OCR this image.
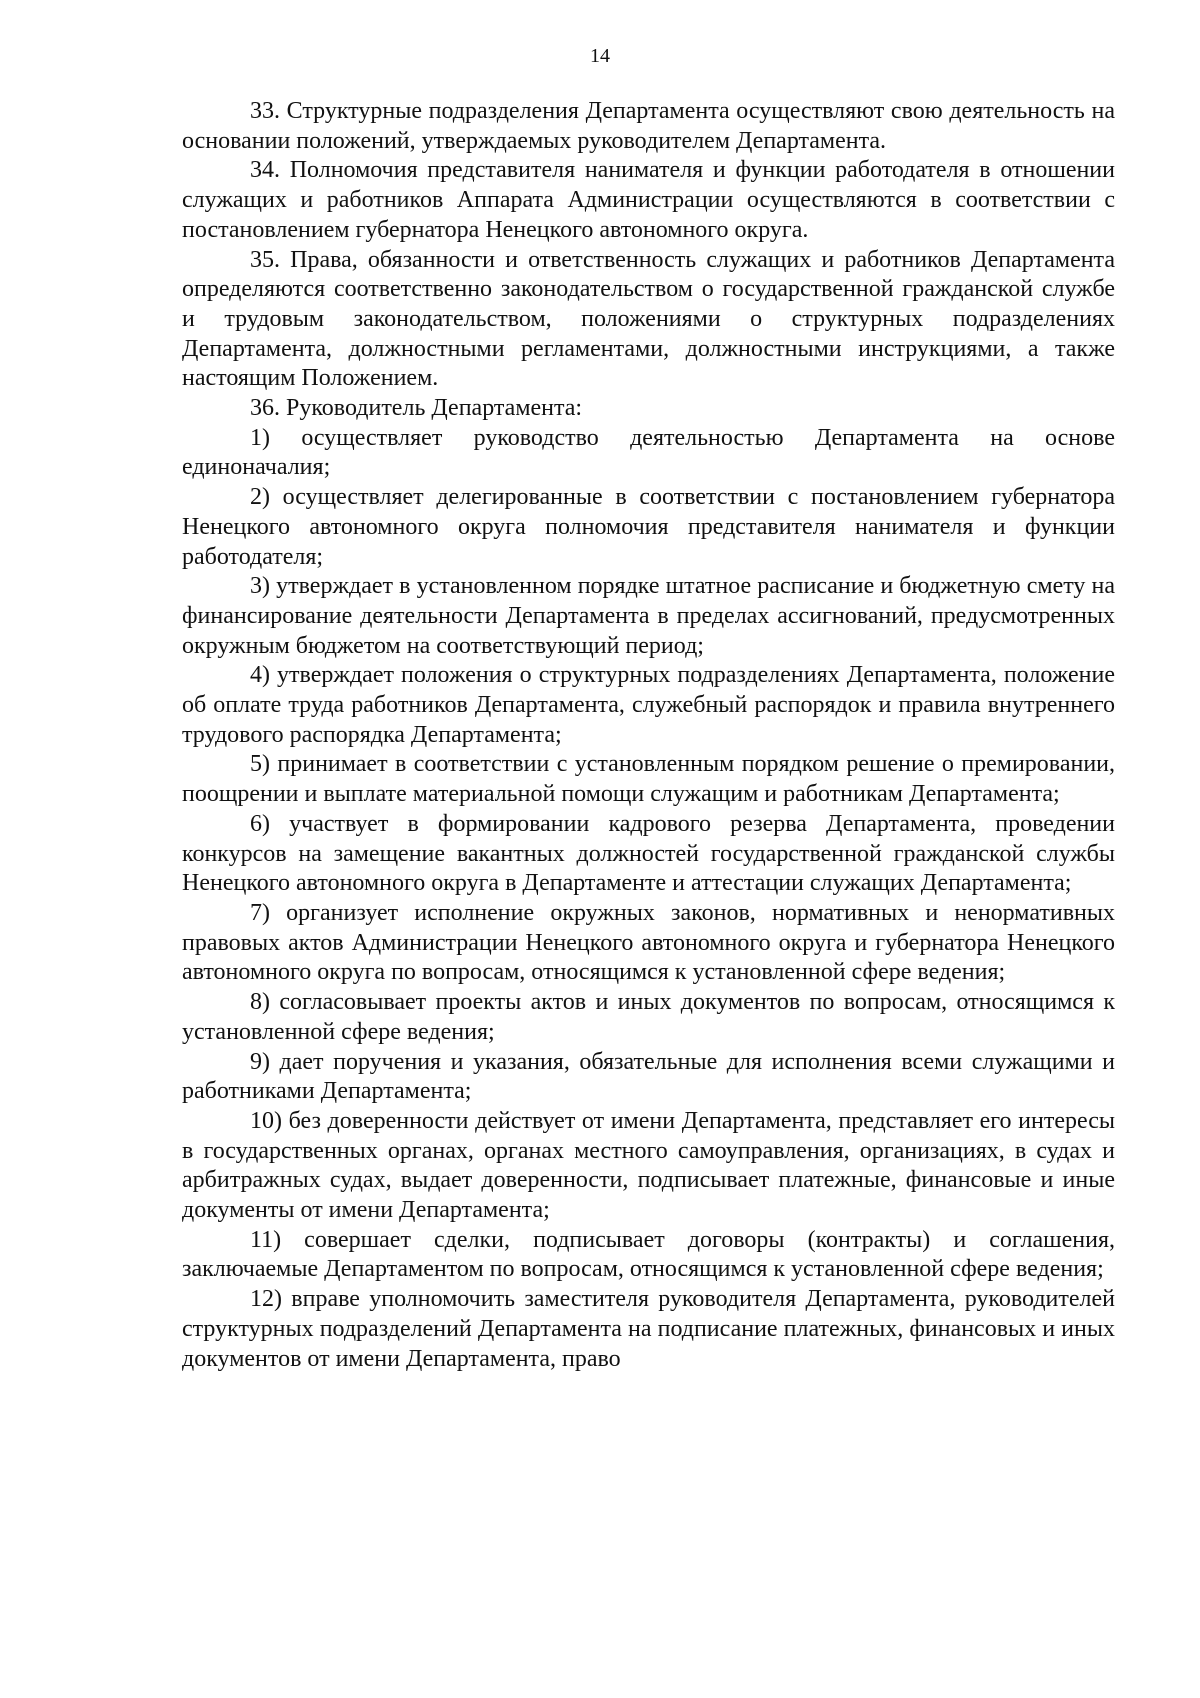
14

33. Структурные подразделения Департамента осуществляют свою деятельность на основании положений, утверждаемых руководителем Департамента.

34. Полномочия представителя нанимателя и функции работодателя в отношении служащих и работников Аппарата Администрации осуществляются в соответствии с постановлением губернатора Ненецкого автономного округа.

35. Права, обязанности и ответственность служащих и работников Департамента определяются соответственно законодательством о государственной гражданской службе и трудовым законодательством, положениями о структурных подразделениях Департамента, должностными регламентами, должностными инструкциями, а также настоящим Положением.

36. Руководитель Департамента:

1) осуществляет руководство деятельностью Департамента на основе единоначалия;

2) осуществляет делегированные в соответствии с постановлением губернатора Ненецкого автономного округа полномочия представителя нанимателя и функции работодателя;

3) утверждает в установленном порядке штатное расписание и бюджетную смету на финансирование деятельности Департамента в пределах ассигнований, предусмотренных окружным бюджетом на соответствующий период;

4) утверждает положения о структурных подразделениях Департамента, положение об оплате труда работников Департамента, служебный распорядок и правила внутреннего трудового распорядка Департамента;

5) принимает в соответствии с установленным порядком решение о премировании, поощрении и выплате материальной помощи служащим и работникам Департамента;

6) участвует в формировании кадрового резерва Департамента, проведении конкурсов на замещение вакантных должностей государственной гражданской службы Ненецкого автономного округа в Департаменте и аттестации служащих Департамента;

7) организует исполнение окружных законов, нормативных и ненормативных правовых актов Администрации Ненецкого автономного округа и губернатора Ненецкого автономного округа по вопросам, относящимся к установленной сфере ведения;

8) согласовывает проекты актов и иных документов по вопросам, относящимся к установленной сфере ведения;

9) дает поручения и указания, обязательные для исполнения всеми служащими и работниками Департамента;

10) без доверенности действует от имени Департамента, представляет его интересы в государственных органах, органах местного самоуправления, организациях, в судах и арбитражных судах, выдает доверенности, подписывает платежные, финансовые и иные документы от имени Департамента;

11) совершает сделки, подписывает договоры (контракты) и соглашения, заключаемые Департаментом по вопросам, относящимся к установленной сфере ведения;

12) вправе уполномочить заместителя руководителя Департамента, руководителей структурных подразделений Департамента на подписание платежных, финансовых и иных документов от имени Департамента, право
